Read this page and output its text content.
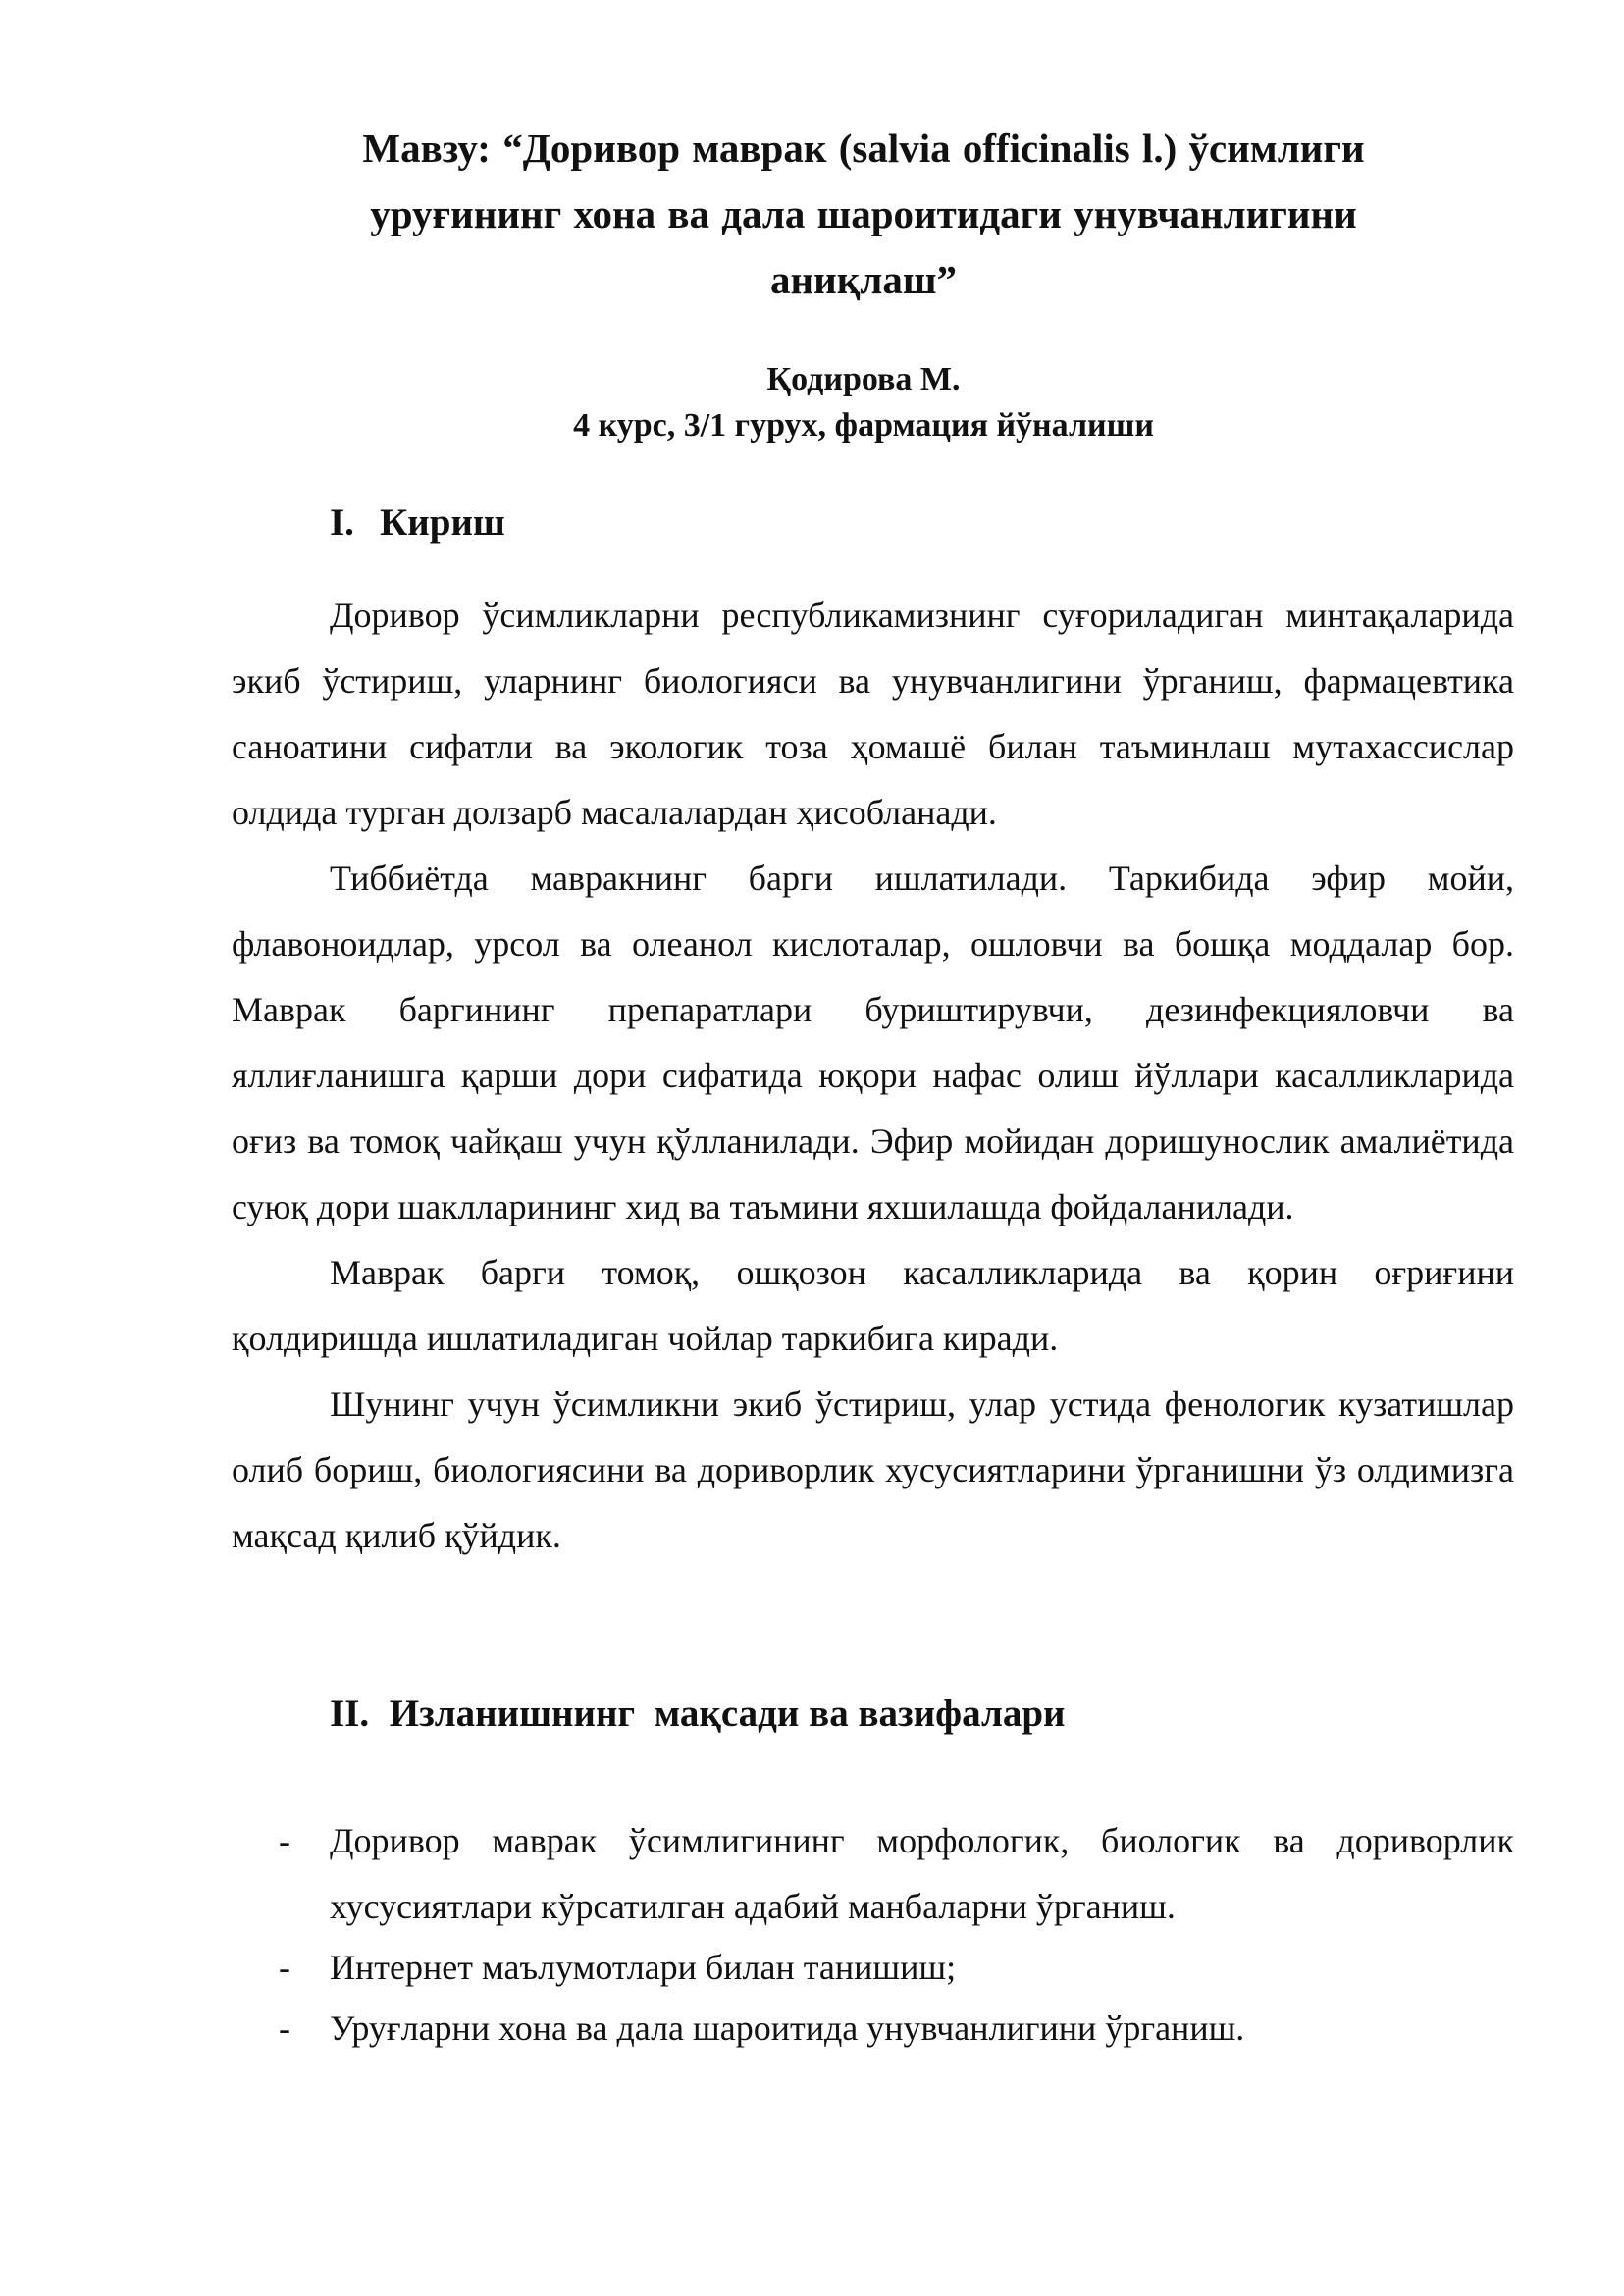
Мавзу: “Доривор маврак (salvia officinalis l.) ўсимлиги уруғининг хона ва дала шароитидаги унувчанлигини аниқлаш”
Қодирова М.
4 курс, 3/1 гурух, фармация йўналиши
I. Кириш

Доривор ўсимликларни республикамизнинг суғориладиган минтақаларида экиб ўстириш, уларнинг биологияси ва унувчанлигини ўрганиш, фармацевтика саноатини сифатли ва экологик тоза ҳомашё билан таъминлаш мутахассислар олдида турган долзарб масалалардан ҳисобланади.

Тиббиётда мавракнинг барги ишлатилади. Таркибида эфир мойи, флавоноидлар, урсол ва олеанол кислоталар, ошловчи ва бошқа моддалар бор. Маврак баргининг препаратлари буриштирувчи, дезинфекцияловчи ва яллиғланишга қарши дори сифатида юқори нафас олиш йўллари касалликларида оғиз ва томоқ чайқаш учун қўлланилади. Эфир мойидан доришунослик амалиётида суюқ дори шаклларининг хид ва таъмини яхшилашда фойдаланилади.

Маврак барги томоқ, ошқозон касалликларида ва қорин оғриғини қолдиришда ишлатиладиган чойлар таркибига киради.

Шунинг учун ўсимликни экиб ўстириш, улар устида фенологик кузатишлар олиб бориш, биологиясини ва дориворлик хусусиятларини ўрганишни ўз олдимизга мақсад қилиб қўйдик.

II. Изланишнинг  мақсади ва вазифалари
- Доривор маврак ўсимлигининг морфологик, биологик ва дориворлик хусусиятлари кўрсатилган адабий манбаларни ўрганиш.
- Интернет маълумотлари билан танишиш;
- Уруғларни хона ва дала шароитида унувчанлигини ўрганиш.
